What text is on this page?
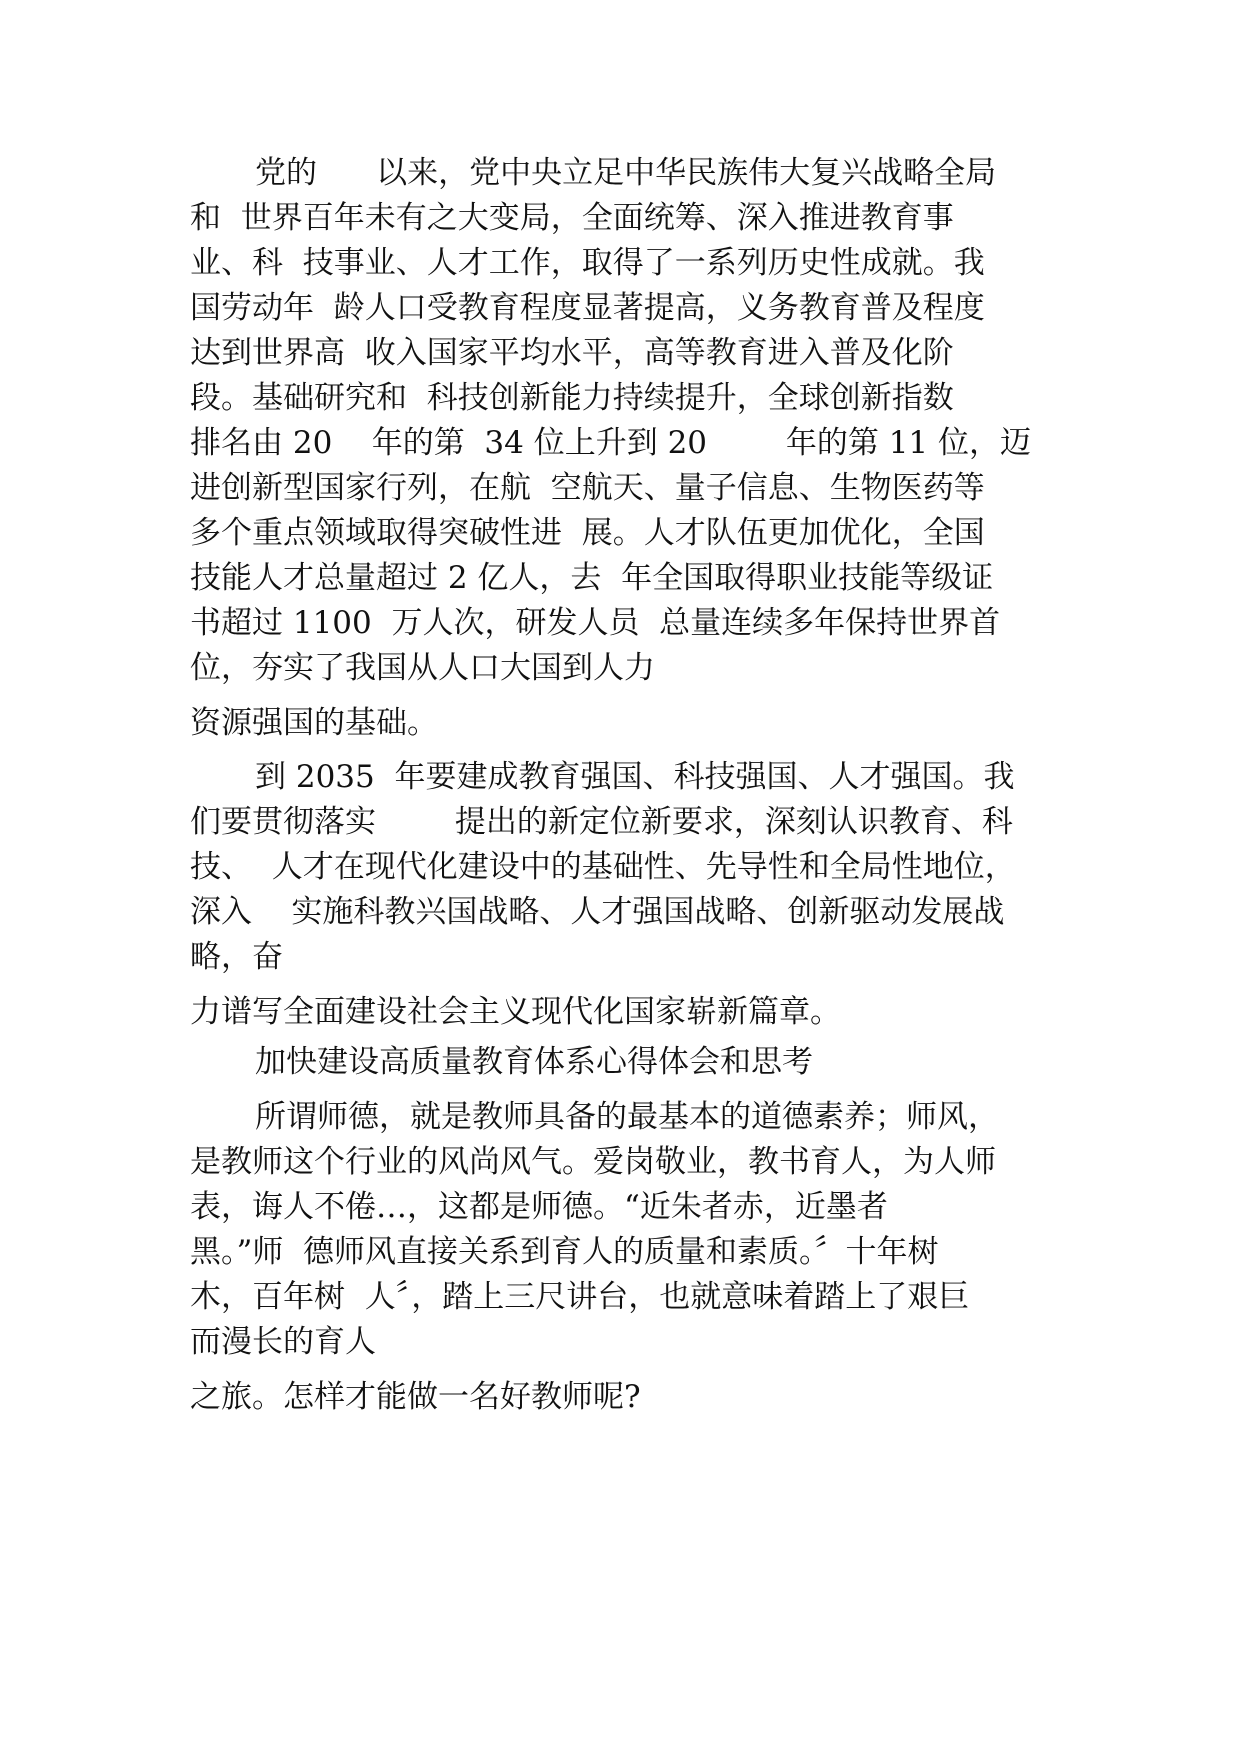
党的      以来，党中央立足中华民族伟大复兴战略全局
和  世界百年未有之大变局，全面统筹、深入推进教育事
业、科  技事业、人才工作，取得了一系列历史性成就。我
国劳动年  龄人口受教育程度显著提高，义务教育普及程度
达到世界高  收入国家平均水平，高等教育进入普及化阶
段。基础研究和  科技创新能力持续提升，全球创新指数
排名由 20    年的第  34 位上升到 20        年的第 11 位，迈
进创新型国家行列，在航  空航天、量子信息、生物医药等
多个重点领域取得突破性进  展。人才队伍更加优化，全国
技能人才总量超过 2 亿人，去  年全国取得职业技能等级证
书超过 1100  万人次，研发人员  总量连续多年保持世界首
位，夯实了我国从人口大国到人力
资源强国的基础。
到 2035  年要建成教育强国、科技强国、人才强国。我
们要贯彻落实        提出的新定位新要求，深刻认识教育、科
技、  人才在现代化建设中的基础性、先导性和全局性地位，
深入    实施科教兴国战略、人才强国战略、创新驱动发展战
略，奋
力谱写全面建设社会主义现代化国家崭新篇章。
加快建设高质量教育体系心得体会和思考
所谓师德，就是教师具备的最基本的道德素养；师风，
是教师这个行业的风尚风气。爱岗敬业，教书育人，为人师
表，诲人不倦…，这都是师德。“近朱者赤，近墨者
黑。”师  德师风直接关系到育人的质量和素质。〞十年树
木，百年树  人〞，踏上三尺讲台，也就意味着踏上了艰巨
而漫长的育人
之旅。怎样才能做一名好教师呢?
